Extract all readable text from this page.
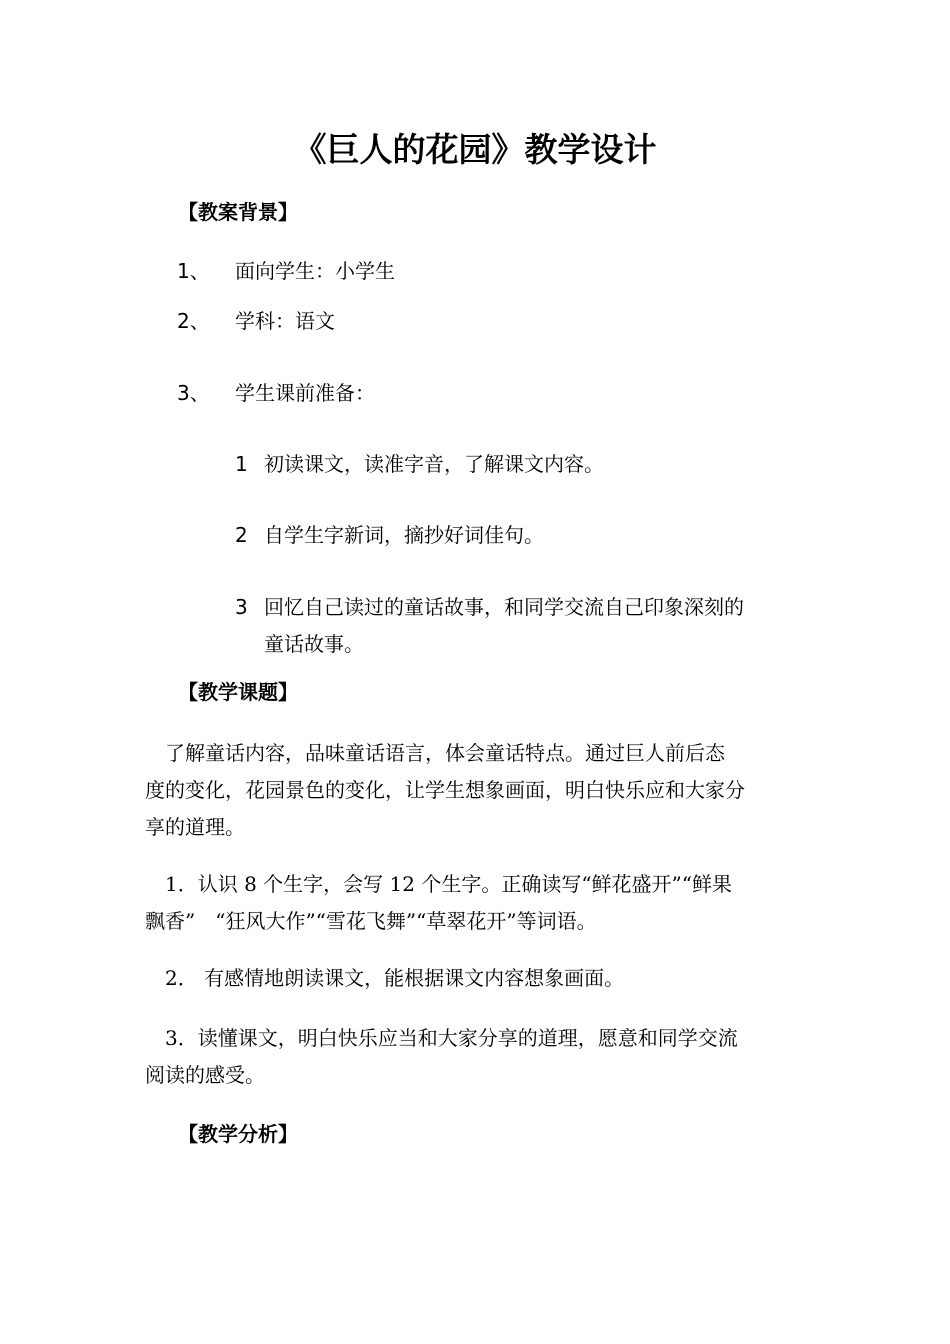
《巨人的花园》教学设计
【教案背景】
1、 面向学生：小学生
2、 学科：语文
3、 学生课前准备：
1 初读课文，读准字音，了解课文内容。
2 自学生字新词，摘抄好词佳句。
3 回忆自己读过的童话故事，和同学交流自己印象深刻的
童话故事。
【教学课题】
　了解童话内容，品味童话语言，体会童话特点。通过巨人前后态
度的变化，花园景色的变化，让学生想象画面，明白快乐应和大家分
享的道理。
　1．认识 8 个生字，会写 12 个生字。正确读写“鲜花盛开”“鲜果
飘香”　“狂风大作”“雪花飞舞”“草翠花开”等词语。
　2． 有感情地朗读课文，能根据课文内容想象画面。
　3．读懂课文，明白快乐应当和大家分享的道理，愿意和同学交流
阅读的感受。
【教学分析】
